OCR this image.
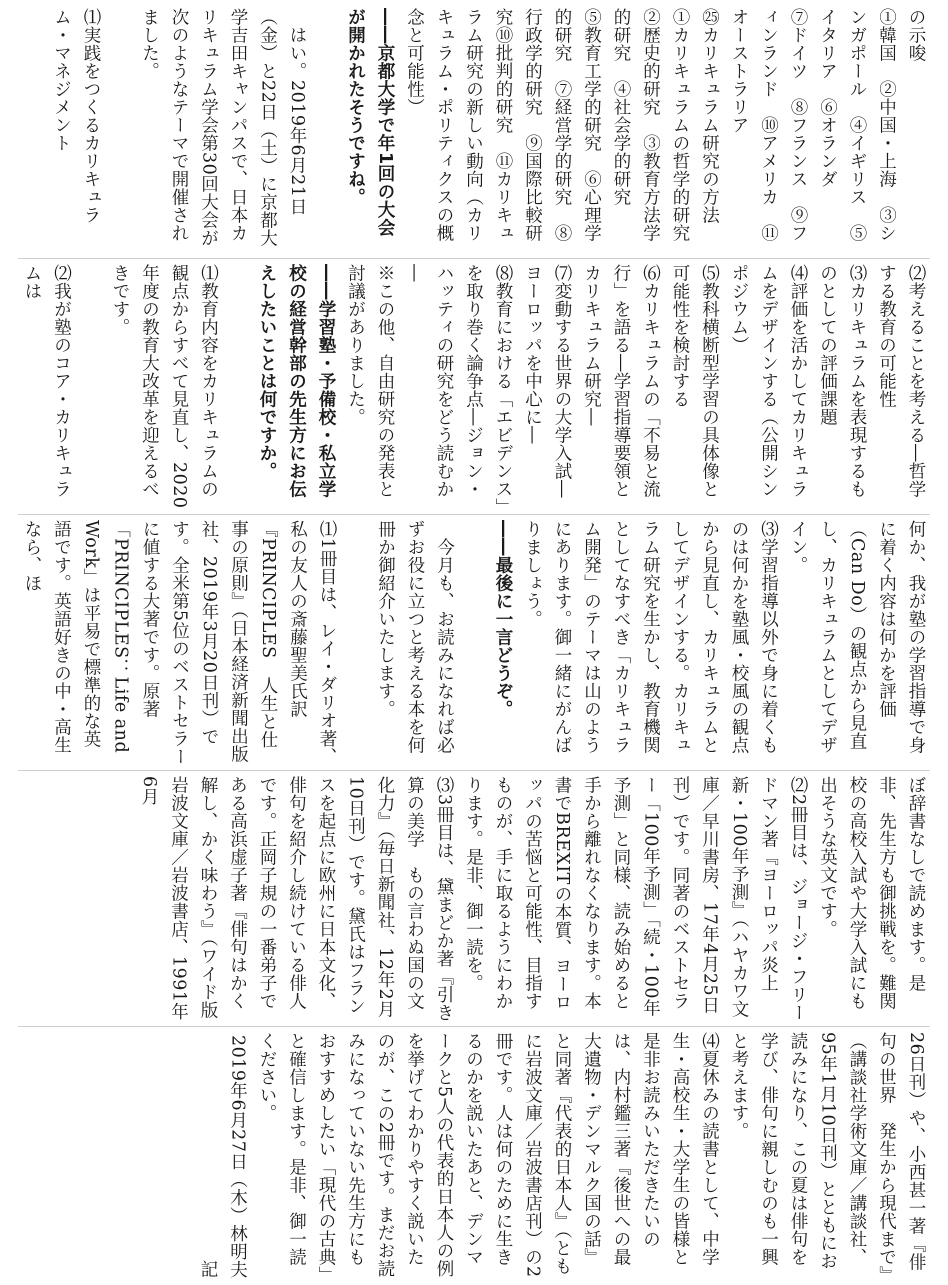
の示唆

①韓国　②中国・上海　③シンガポール　④イギリス　⑤イタリア　⑥オランダ

⑦ドイツ　⑧フランス　⑨フィンランド　⑩アメリカ　⑪オーストラリア

㉕カリキュラム研究の方法

①カリキュラムの哲学的研究

②歴史的研究　③教育方法学的研究　④社会学的研究

⑤教育工学的研究　⑥心理学的研究　⑦経営学的研究　⑧行政学的研究　⑨国際比較研究⑩批判的研究　⑪カリキュラム研究の新しい動向（カリキュラム・ポリティクスの概念と可能性）

――京都大学で年1回の大会が開かれたそうですね。

　はい。2019年6月21日（金）と22日（土）に京都大学吉田キャンパスで、日本カリキュラム学会第30回大会が次のようなテーマで開催されました。

⑴実践をつくるカリキュラム・マネジメント

⑵考えることを考える―哲学する教育の可能性

⑶カリキュラムを表現するものとしての評価課題

⑷評価を活かしてカリキュラムをデザインする（公開シンポジウム）

⑸教科横断型学習の具体像と可能性を検討する

⑹カリキュラムの「不易と流行」を語る―学習指導要領とカリキュラム研究―

⑺変動する世界の大学入試―ヨーロッパを中心に―

⑻教育における「エビデンス」を取り巻く論争点―ジョン・ハッティの研究をどう読むか―

※この他、自由研究の発表と討議がありました。

――学習塾・予備校・私立学校の経営幹部の先生方にお伝えしたいことは何ですか。

⑴教育内容をカリキュラムの観点からすべて見直し、2020年度の教育大改革を迎えるべきです。

⑵我が塾のコア・カリキュラムは

何か、我が塾の学習指導で身に着く内容は何かを評価（Can Do）の観点から見直し、カリキュラムとしてデザイン。

⑶学習指導以外で身に着くものは何かを塾風・校風の観点から見直し、カリキュラムとしてデザインする。カリキュラム研究を生かし、教育機関としてなすべき「カリキュラム開発」のテーマは山のようにあります。御一緒にがんばりましょう。

――最後に一言どうぞ。

　今月も、お読みになれば必ずお役に立つと考える本を何冊か御紹介いたします。

⑴1冊目は、レイ・ダリオ著、私の友人の斎藤聖美氏訳『PRINCIPLES　人生と仕事の原則』（日本経済新聞出版社、2019年3月20日刊）です。全米第5位のベストセラーに値する大著です。原著「PRINCIPLES：Life and Work」は平易で標準的な英語です。英語好きの中・高生なら、ほ

ぼ辞書なしで読めます。是非、先生方も御挑戦を。難関校の高校入試や大学入試にも出そうな英文です。

⑵2冊目は、ジョージ・フリードマン著『ヨーロッパ炎上　新・100年予測』（ハヤカワ文庫／早川書房、17年4月25日刊）です。同著のベストセラー「100年予測」「続・100年予測」と同様、読み始めると手から離れなくなります。本書でBREXITの本質、ヨーロッパの苦悩と可能性、目指すものが、手に取るようにわかります。是非、御一読を。

⑶3冊目は、黛まどか著『引き算の美学　もの言わぬ国の文化力』（毎日新聞社、12年2月10日刊）です。黛氏はフランスを起点に欧州に日本文化、俳句を紹介し続けている俳人です。正岡子規の一番弟子である高浜虚子著『俳句はかく解し、かく味わう』（ワイド版岩波文庫／岩波書店、1991年6月

26日刊）や、小西甚一著『俳句の世界　発生から現代まで』（講談社学術文庫／講談社、95年1月10日刊）とともにお読みになり、この夏は俳句を学び、俳句に親しむのも一興と考えます。

⑷夏休みの読書として、中学生・高校生・大学生の皆様と是非お読みいただきたいのは、内村鑑三著『後世への最大遺物・デンマルク国の話』と同著『代表的日本人』（ともに岩波文庫／岩波書店刊）の2冊です。人は何のために生きるのかを説いたあと、デンマークと5人の代表的日本人の例を挙げてわかりやすく説いたのが、この2冊です。まだお読みになっていない先生方にもおすすめしたい「現代の古典」と確信します。是非、御一読ください。

2019年6月27日（木）林明夫記
